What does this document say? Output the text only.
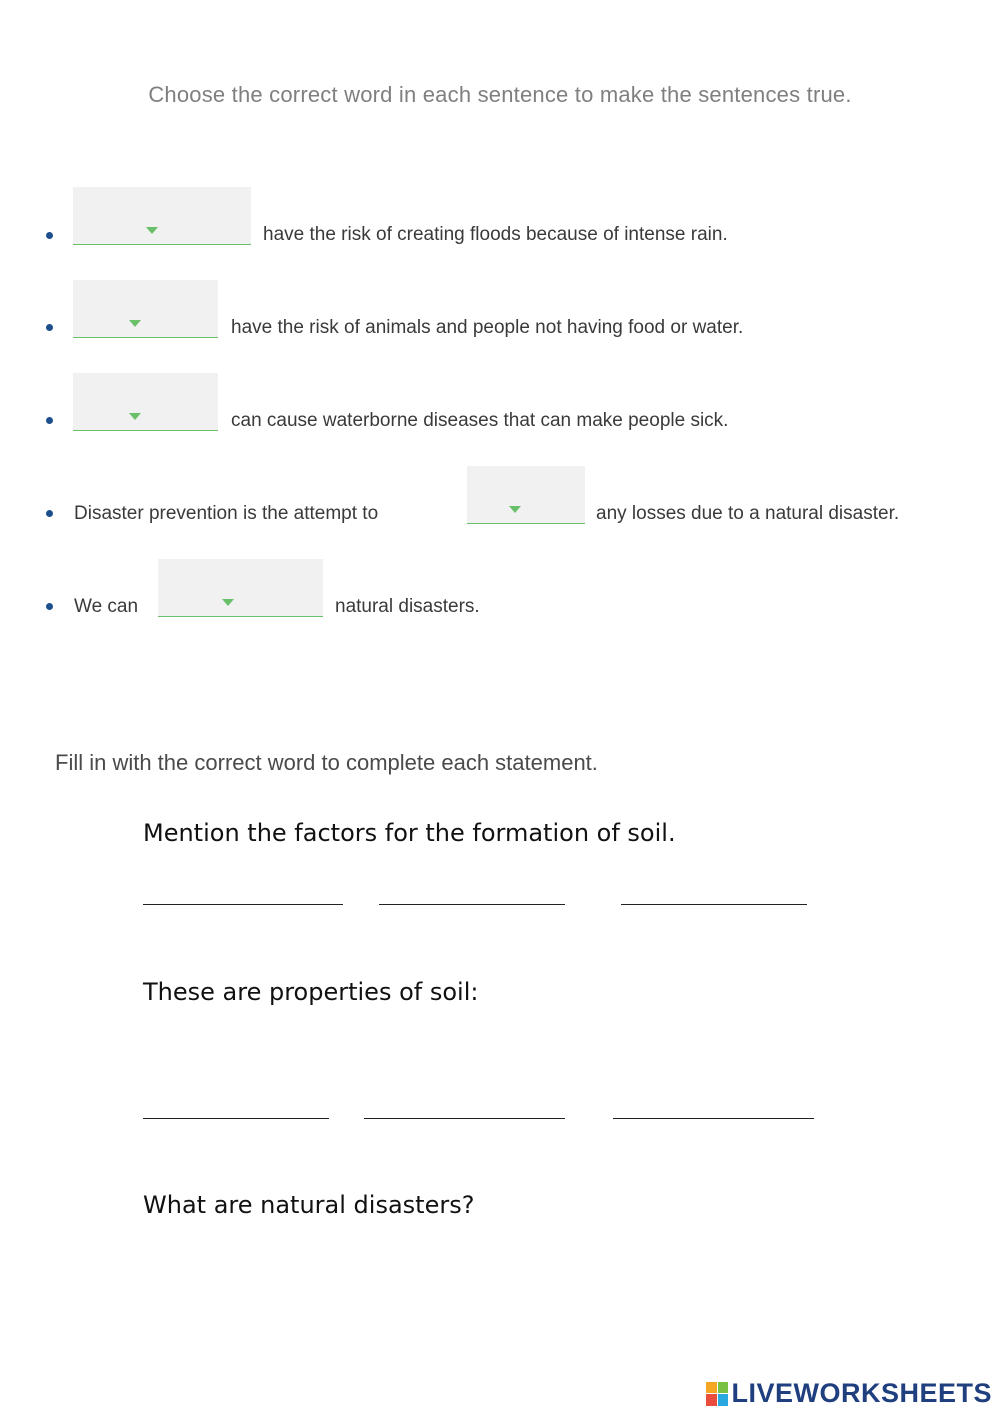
Choose the correct word in each sentence to make the sentences true.
have the risk of creating floods because of intense rain.
have the risk of animals and people not having food or water.
can cause waterborne diseases that can make people sick.
Disaster prevention is the attempt to	any losses due to a natural disaster.
We can	natural disasters.
Fill in with the correct word to complete each statement.
Mention the factors for the formation of soil.
These are properties of soil:
What are natural disasters?
LIVEWORKSHEETS
